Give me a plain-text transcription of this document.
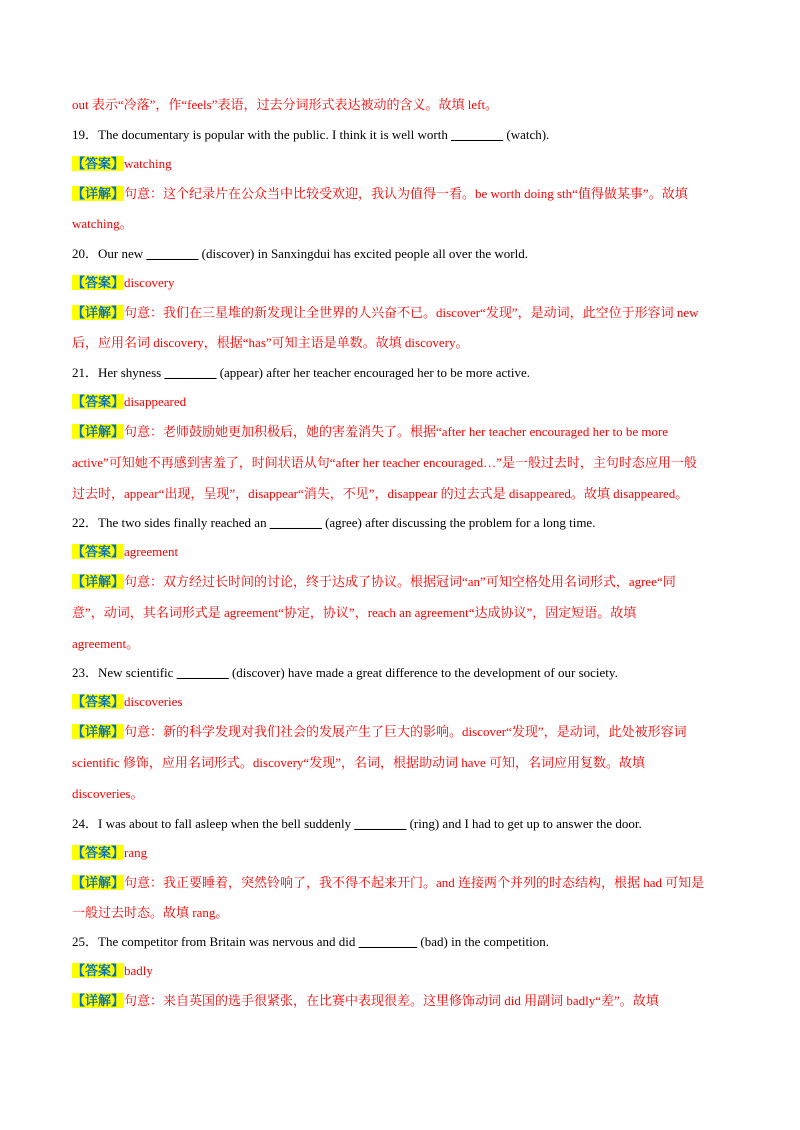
out 表示“冷落”，作“feels”表语，过去分词形式表达被动的含义。故填 left。
19．The documentary is popular with the public. I think it is well worth ________ (watch).
【答案】watching
【详解】句意：这个纪录片在公众当中比较受欢迎，我认为值得一看。be worth doing sth“值得做某事”。故填
watching。
20．Our new ________ (discover) in Sanxingdui has excited people all over the world.
【答案】discovery
【详解】句意：我们在三星堆的新发现让全世界的人兴奋不已。discover“发现”，是动词，此空位于形容词 new
后，应用名词 discovery，根据“has”可知主语是单数。故填 discovery。
21．Her shyness ________ (appear) after her teacher encouraged her to be more active.
【答案】disappeared
【详解】句意：老师鼓励她更加积极后，她的害羞消失了。根据“after her teacher encouraged her to be more
active”可知她不再感到害羞了，时间状语从句“after her teacher encouraged…”是一般过去时，主句时态应用一般
过去时，appear“出现，呈现”，disappear“消失，不见”，disappear 的过去式是 disappeared。故填 disappeared。
22．The two sides finally reached an ________ (agree) after discussing the problem for a long time.
【答案】agreement
【详解】句意：双方经过长时间的讨论，终于达成了协议。根据冠词“an”可知空格处用名词形式，agree“同
意”，动词，其名词形式是 agreement“协定，协议”，reach an agreement“达成协议”，固定短语。故填
agreement。
23．New scientific ________ (discover) have made a great difference to the development of our society.
【答案】discoveries
【详解】句意：新的科学发现对我们社会的发展产生了巨大的影响。discover“发现”，是动词，此处被形容词
scientific 修饰，应用名词形式。discovery“发现”，名词，根据助动词 have 可知，名词应用复数。故填
discoveries。
24．I was about to fall asleep when the bell suddenly ________ (ring) and I had to get up to answer the door.
【答案】rang
【详解】句意：我正要睡着，突然铃响了，我不得不起来开门。and 连接两个并列的时态结构，根据 had 可知是
一般过去时态。故填 rang。
25．The competitor from Britain was nervous and did _________ (bad) in the competition.
【答案】badly
【详解】句意：来自英国的选手很紧张，在比赛中表现很差。这里修饰动词 did 用副词 badly“差”。故填
